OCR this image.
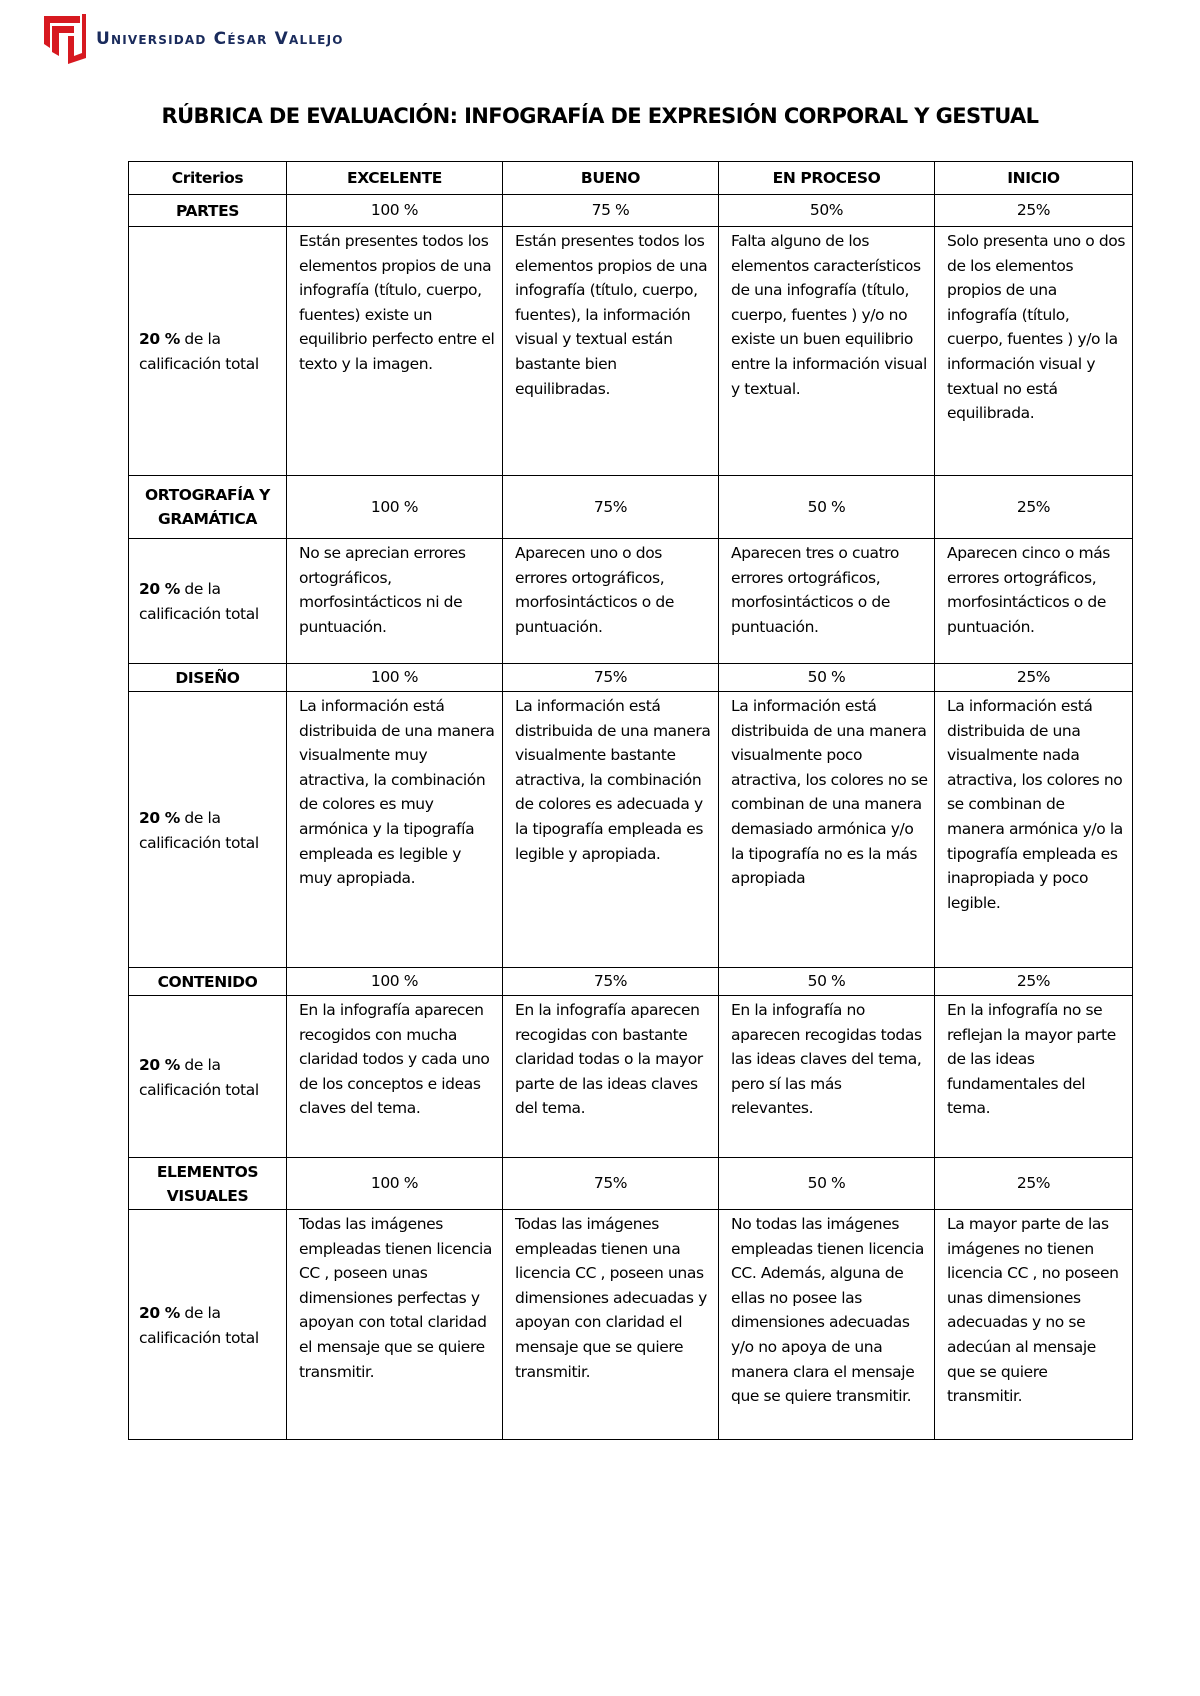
Universidad César Vallejo
RÚBRICA DE EVALUACIÓN: INFOGRAFÍA DE EXPRESIÓN CORPORAL Y GESTUAL
Criterios	EXCELENTE	BUENO	EN PROCESO	INICIO
PARTES	100 %	75 %	50%	25%
20 % de la calificación total	Están presentes todos los elementos propios de una infografía (título, cuerpo, fuentes) existe un equilibrio perfecto entre el texto y la imagen.	Están presentes todos los elementos propios de una infografía (título, cuerpo, fuentes), la información visual y textual están bastante bien equilibradas.	Falta alguno de los elementos característicos de una infografía (título, cuerpo, fuentes ) y/o no existe un buen equilibrio entre la información visual y textual.	Solo presenta uno o dos de los elementos propios de una infografía (título, cuerpo, fuentes ) y/o la información visual y textual no está equilibrada.
ORTOGRAFÍA Y GRAMÁTICA	100 %	75%	50 %	25%
20 % de la calificación total	No se aprecian errores ortográficos, morfosintácticos ni de puntuación.	Aparecen uno o dos errores ortográficos, morfosintácticos o de puntuación.	Aparecen tres o cuatro errores ortográficos, morfosintácticos o de puntuación.	Aparecen cinco o más errores ortográficos, morfosintácticos o de puntuación.
DISEÑO	100 %	75%	50 %	25%
20 % de la calificación total	La información está distribuida de una manera visualmente muy atractiva, la combinación de colores es muy armónica y la tipografía empleada es legible y muy apropiada.	La información está distribuida de una manera visualmente bastante atractiva, la combinación de colores es adecuada y la tipografía empleada es legible y apropiada.	La información está distribuida de una manera visualmente poco atractiva, los colores no se combinan de una manera demasiado armónica y/o la tipografía no es la más apropiada	La información está distribuida de una visualmente nada atractiva, los colores no se combinan de manera armónica y/o la tipografía empleada es inapropiada y poco legible.
CONTENIDO	100 %	75%	50 %	25%
20 % de la calificación total	En la infografía aparecen recogidos con mucha claridad todos y cada uno de los conceptos e ideas claves del tema.	En la infografía aparecen recogidas con bastante claridad todas o la mayor parte de las ideas claves del tema.	En la infografía no aparecen recogidas todas las ideas claves del tema, pero sí las más relevantes.	En la infografía no se reflejan la mayor parte de las ideas fundamentales del tema.
ELEMENTOS VISUALES	100 %	75%	50 %	25%
20 % de la calificación total	Todas las imágenes empleadas tienen licencia CC , poseen unas dimensiones perfectas y apoyan con total claridad el mensaje que se quiere transmitir.	Todas las imágenes empleadas tienen una licencia CC , poseen unas dimensiones adecuadas y apoyan con claridad el mensaje que se quiere transmitir.	No todas las imágenes empleadas tienen licencia CC. Además, alguna de ellas no posee las dimensiones adecuadas y/o no apoya de una manera clara el mensaje que se quiere transmitir.	La mayor parte de las imágenes no tienen licencia CC , no poseen unas dimensiones adecuadas y no se adecúan al mensaje que se quiere transmitir.
